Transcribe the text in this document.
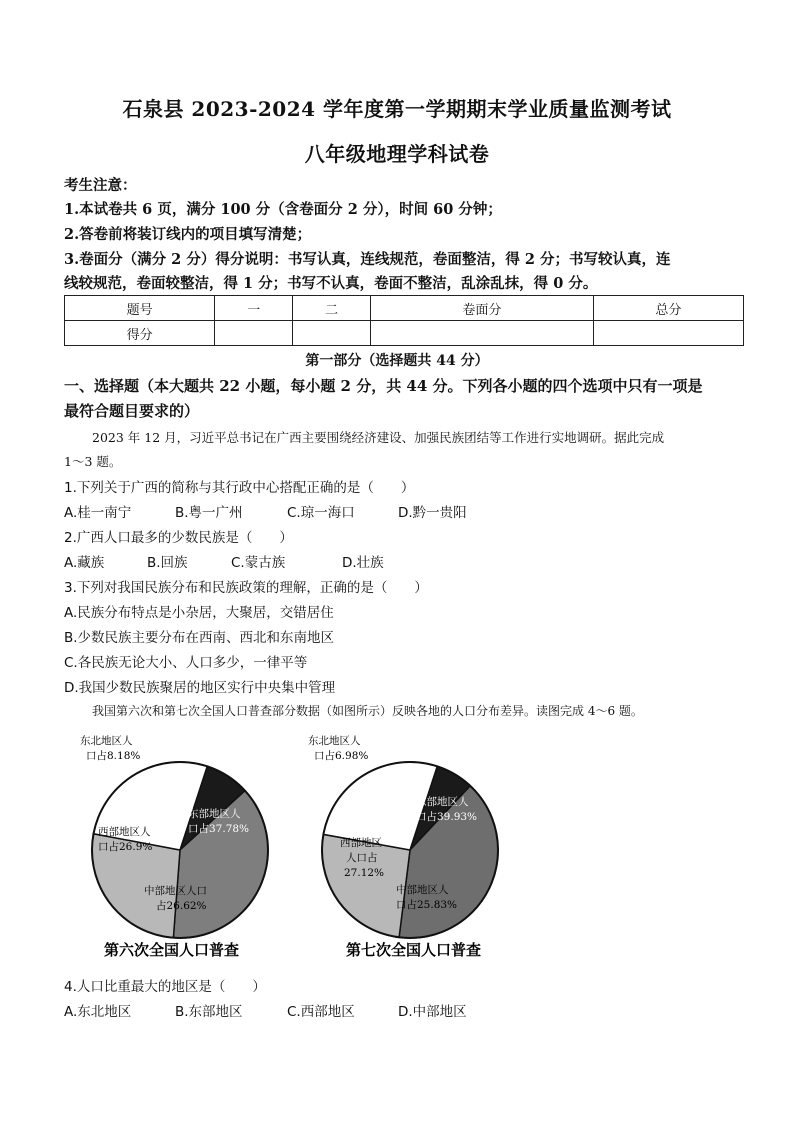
石泉县 2023-2024 学年度第一学期期末学业质量监测考试
八年级地理学科试卷
考生注意：
1.本试卷共 6 页，满分 100 分（含卷面分 2 分），时间 60 分钟；
2.答卷前将装订线内的项目填写清楚；
3.卷面分（满分 2 分）得分说明：书写认真，连线规范，卷面整洁，得 2 分；书写较认真，连
线较规范，卷面较整洁，得 1 分；书写不认真，卷面不整洁，乱涂乱抹，得 0 分。
题号	一	二	卷面分	总分
得分				
第一部分（选择题共 44 分）
一、选择题（本大题共 22 小题，每小题 2 分，共 44 分。下列各小题的四个选项中只有一项是
最符合题目要求的）
2023 年 12 月，习近平总书记在广西主要围绕经济建设、加强民族团结等工作进行实地调研。据此完成
1～3 题。
1.下列关于广西的简称与其行政中心搭配正确的是（　　）
A.桂一南宁	B.粤一广州	C.琼一海口	D.黔一贵阳
2.广西人口最多的少数民族是（　　）
A.藏族	B.回族	C.蒙古族	D.壮族
3.下列对我国民族分布和民族政策的理解，正确的是（　　）
A.民族分布特点是小杂居，大聚居，交错居住
B.少数民族主要分布在西南、西北和东南地区
C.各民族无论大小、人口多少，一律平等
D.我国少数民族聚居的地区实行中央集中管理
我国第六次和第七次全国人口普查部分数据（如图所示）反映各地的人口分布差异。读图完成 4～6 题。
东北地区人
口占8.18%
东部地区人
口占37.78%
中部地区人口
占26.62%
西部地区人
口占26.9%
第六次全国人口普查
东北地区人
口占6.98%
东部地区人
口占39.93%
中部地区人
口占25.83%
西部地区
人口占
27.12%
第七次全国人口普查
4.人口比重最大的地区是（　　）
A.东北地区	B.东部地区	C.西部地区	D.中部地区
